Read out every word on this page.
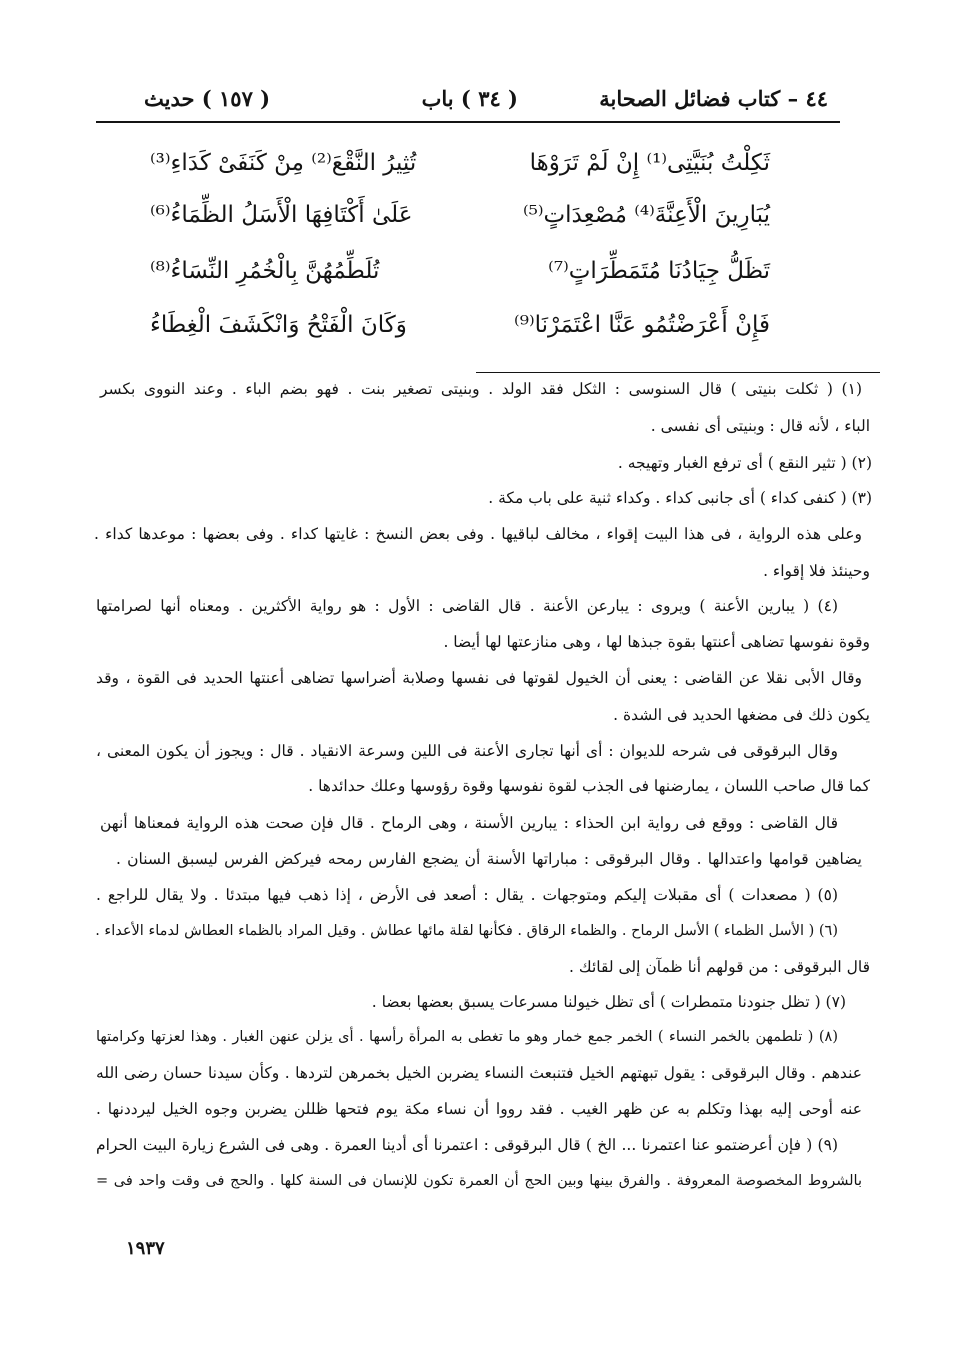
٤٤ – كتاب فضائل الصحابة
( ٣٤ ) باب
( ١٥٧ ) حديث
ثَكِلْتُ بُنَيَّتِى⁽¹⁾ إِنْ لَمْ تَرَوْهَا
تُثِيرُ النَّقْعَ⁽²⁾ مِنْ كَنَفَىْ كَدَاءِ⁽³⁾
يُبَارِينَ الْأَعِنَّةَ⁽⁴⁾ مُصْعِدَاتٍ⁽⁵⁾
عَلَىٰ أَكْتَافِهَا الْأَسَلُ الظِّمَاءُ⁽⁶⁾
تَظَلُّ جِيَادُنَا مُتَمَطِّرَاتٍ⁽⁷⁾
تُلَطِّمُهُنَّ بِالْخُمُرِ النِّسَاءُ⁽⁸⁾
فَإِنْ أَعْرَضْتُمُو عَنَّا اعْتَمَرْنَا⁽⁹⁾
وَكَانَ الْفَتْحُ وَانْكَشَفَ الْغِطَاءُ
(١) ( ثكلت بنيتى ) قال السنوسى : الثكل فقد الولد . وبنيتى تصغير بنت . فهو بضم الباء . وعند النووى بكسر
الباء ، لأنه قال : وبنيتى أى نفسى .
(٢) ( تثير النقع ) أى ترفع الغبار وتهيجه .
(٣) ( كنفى كداء ) أى جانبى كداء . وكداء ثنية على باب مكة .
وعلى هذه الرواية ، فى هذا البيت إقواء ، مخالف لباقيها . وفى بعض النسخ : غايتها كداء . وفى بعضها : موعدها كداء .
وحينئذ فلا إقواء .
(٤) ( يبارين الأعنة ) ويروى : يبارعن الأعنة . قال القاضى : الأول : هو رواية الأكثرين . ومعناه أنها لصرامتها
وقوة نفوسها تضاهى أعنتها بقوة جبذها لها ، وهى منازعتها لها أيضا .
وقال الأبى نقلا عن القاضى : يعنى أن الخيول لقوتها فى نفسها وصلابة أضراسها تضاهى أعنتها الحديد فى القوة ، وقد
يكون ذلك فى مضغها الحديد فى الشدة .
وقال البرقوقى فى شرحه للديوان : أى أنها تجارى الأعنة فى اللين وسرعة الانقياد . قال : ويجوز أن يكون المعنى ،
كما قال صاحب اللسان ، يمارضنها فى الجذب لقوة نفوسها وقوة رؤوسها وعلك حدائدها .
قال القاضى : ووقع فى رواية ابن الحذاء : يبارين الأسنة ، وهى الرماح . قال فإن صحت هذه الرواية فمعناها أنهن
يضاهين قوامها واعتدالها . وقال البرقوقى : مباراتها الأسنة أن يضجع الفارس رمحه فيركض الفرس ليسبق السنان .
(٥) ( مصعدات ) أى مقبلات إليكم ومتوجهات . يقال : أصعد فى الأرض ، إذا ذهب فيها مبتدئا . ولا يقال للراجع .
(٦) ( الأسل الظماء ) الأسل الرماح . والظماء الرقاق . فكأنها لقلة مائها عطاش . وقيل المراد بالظماء العطاش لدماء الأعداء .
قال البرقوقى : من قولهم أنا ظمآن إلى لقائك .
(٧) ( تظل جنودنا متمطرات ) أى تظل خيولنا مسرعات يسبق بعضها بعضا .
(٨) ( تلطمهن بالخمر النساء ) الخمر جمع خمار وهو ما تغطى به المرأة رأسها . أى يزلن عنهن الغبار . وهذا لعزتها وكرامتها
عندهم . وقال البرقوقى : يقول تبهتهم الخيل فتنبعث النساء يضربن الخيل بخمرهن لتردها . وكأن سيدنا حسان رضى الله
عنه أوحى إليه بهذا وتكلم به عن ظهر الغيب . فقد رووا أن نساء مكة يوم فتحها ظللن يضربن وجوه الخيل ليرددنها .
(٩) ( فإن أعرضتمو عنا اعتمرنا ... الخ ) قال البرقوقى : اعتمرنا أى أدينا العمرة . وهى فى الشرع زيارة البيت الحرام
بالشروط المخصوصة المعروفة . والفرق بينها وبين الحج أن العمرة تكون للإنسان فى السنة كلها . والحج فى وقت واحد فى =
١٩٣٧
